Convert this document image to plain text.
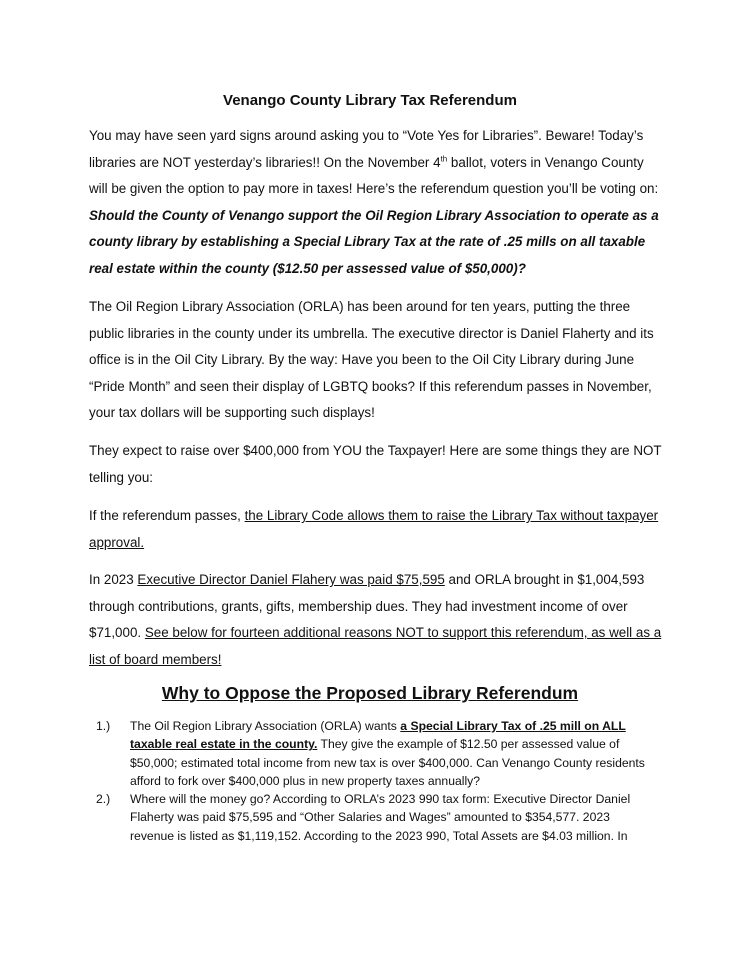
Venango County Library Tax Referendum

You may have seen yard signs around asking you to “Vote Yes for Libraries”. Beware! Today’s libraries are NOT yesterday’s libraries!! On the November 4th ballot, voters in Venango County will be given the option to pay more in taxes! Here’s the referendum question you’ll be voting on: Should the County of Venango support the Oil Region Library Association to operate as a county library by establishing a Special Library Tax at the rate of .25 mills on all taxable real estate within the county ($12.50 per assessed value of $50,000)?

The Oil Region Library Association (ORLA) has been around for ten years, putting the three public libraries in the county under its umbrella. The executive director is Daniel Flaherty and its office is in the Oil City Library. By the way: Have you been to the Oil City Library during June “Pride Month” and seen their display of LGBTQ books? If this referendum passes in November, your tax dollars will be supporting such displays!

They expect to raise over $400,000 from YOU the Taxpayer! Here are some things they are NOT telling you:

If the referendum passes, the Library Code allows them to raise the Library Tax without taxpayer approval.

In 2023 Executive Director Daniel Flahery was paid $75,595 and ORLA brought in $1,004,593 through contributions, grants, gifts, membership dues. They had investment income of over $71,000. See below for fourteen additional reasons NOT to support this referendum, as well as a list of board members!

Why to Oppose the Proposed Library Referendum
1.) The Oil Region Library Association (ORLA) wants a Special Library Tax of .25 mill on ALL taxable real estate in the county. They give the example of $12.50 per assessed value of $50,000; estimated total income from new tax is over $400,000. Can Venango County residents afford to fork over $400,000 plus in new property taxes annually?
2.) Where will the money go? According to ORLA’s 2023 990 tax form: Executive Director Daniel Flaherty was paid $75,595 and “Other Salaries and Wages” amounted to $354,577. 2023 revenue is listed as $1,119,152. According to the 2023 990, Total Assets are $4.03 million. In
